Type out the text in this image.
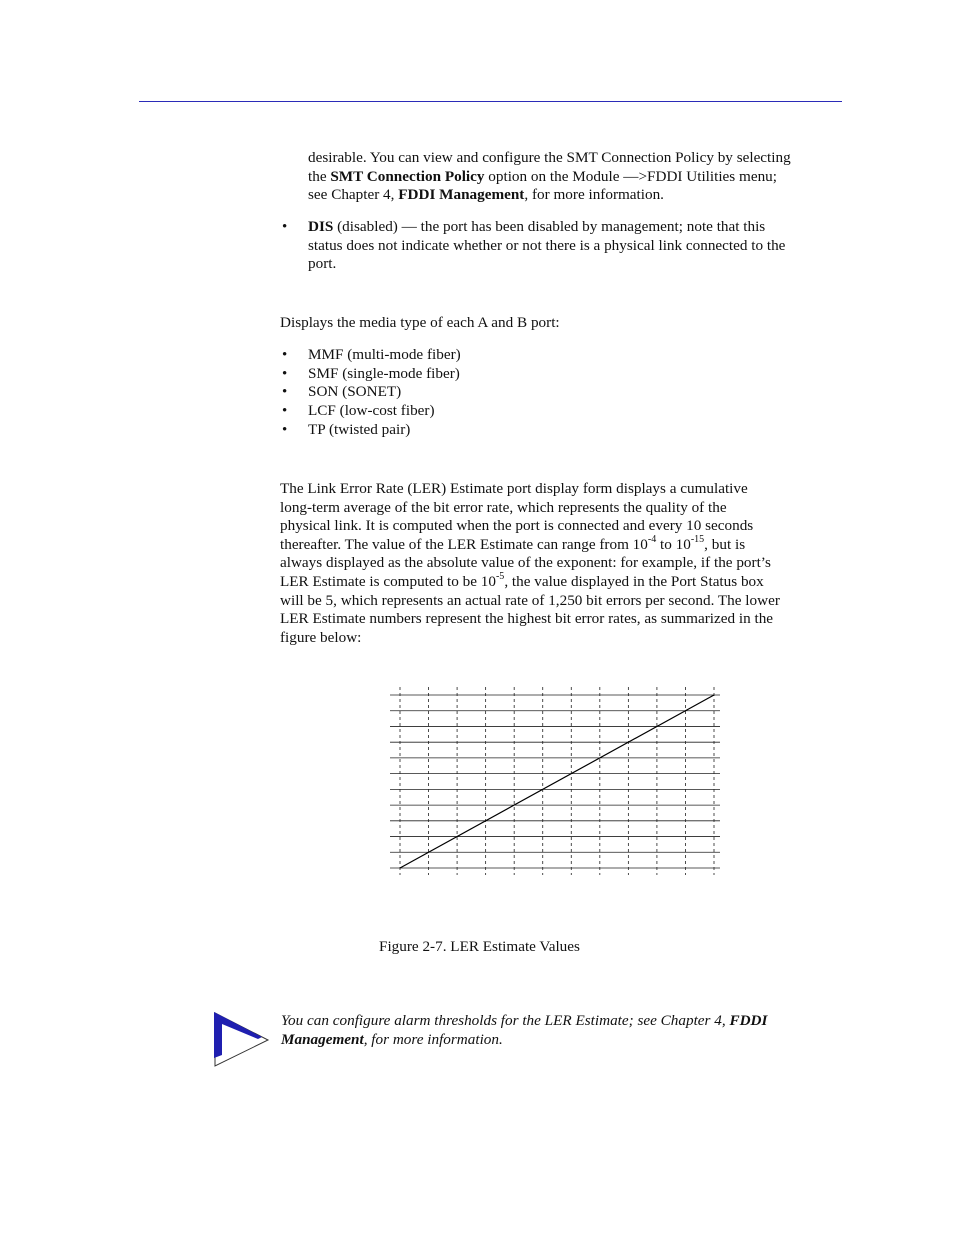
desirable. You can view and configure the SMT Connection Policy by selecting
the SMT Connection Policy option on the Module —>FDDI Utilities menu;
see Chapter 4, FDDI Management, for more information.
• DIS (disabled) — the port has been disabled by management; note that this
status does not indicate whether or not there is a physical link connected to the
port.
Displays the media type of each A and B port:
• MMF (multi-mode fiber)
• SMF (single-mode fiber)
• SON (SONET)
• LCF (low-cost fiber)
• TP (twisted pair)
The Link Error Rate (LER) Estimate port display form displays a cumulative
long-term average of the bit error rate, which represents the quality of the
physical link. It is computed when the port is connected and every 10 seconds
thereafter. The value of the LER Estimate can range from $10^{-4}$ to $10^{-15}$, but is
always displayed as the absolute value of the exponent: for example, if the port’s
LER Estimate is computed to be $10^{-5}$, the value displayed in the Port Status box
will be 5, which represents an actual rate of 1,250 bit errors per second. The lower
LER Estimate numbers represent the highest bit error rates, as summarized in the
figure below:
Figure 2-7. LER Estimate Values
You can configure alarm thresholds for the LER Estimate; see Chapter 4, FDDI Management, for more information.
